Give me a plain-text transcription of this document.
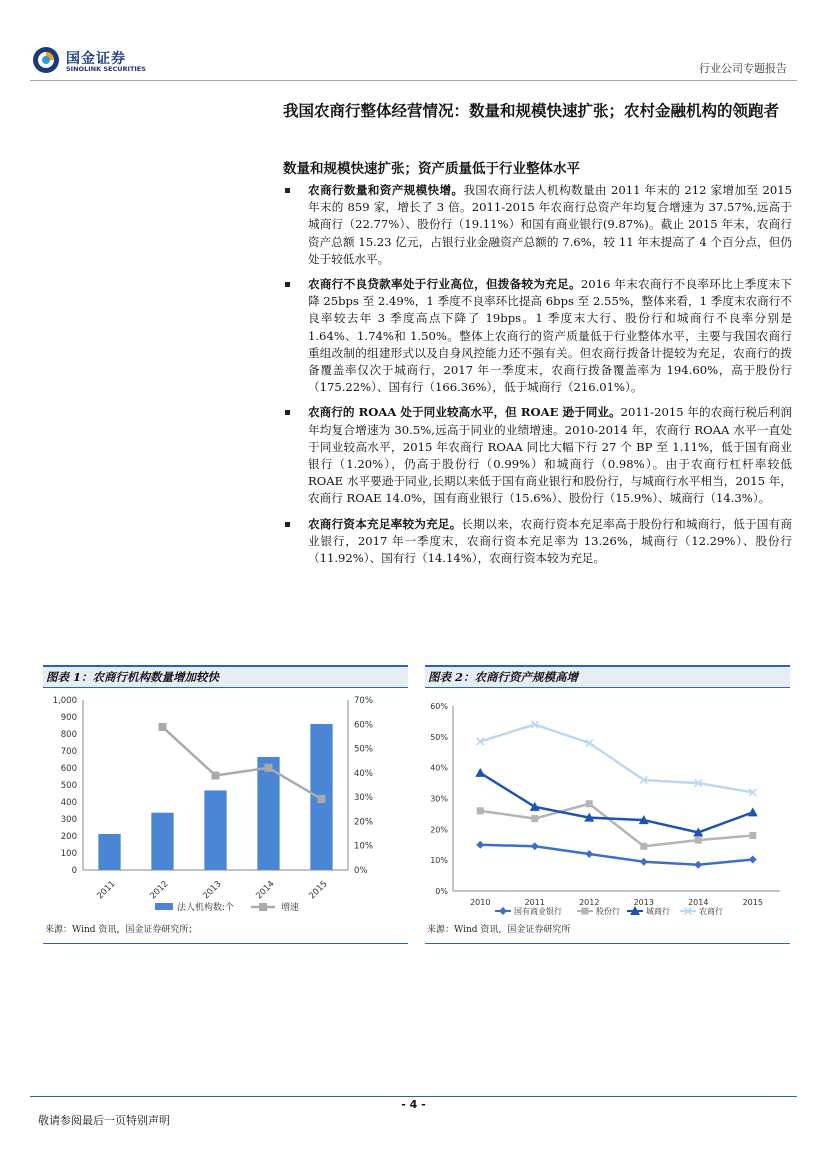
国金证券
SINOLINK SECURITIES	行业公司专题报告
我国农商行整体经营情况：数量和规模快速扩张；农村金融机构的领跑者
数量和规模快速扩张；资产质量低于行业整体水平
农商行数量和资产规模快增。我国农商行法人机构数量由 2011 年末的 212 家增加至 2015 年末的 859 家，增长了 3 倍。2011-2015 年农商行总资产年均复合增速为 37.57%,远高于城商行（22.77%）、股份行（19.11%）和国有商业银行(9.87%)。截止 2015 年末，农商行资产总额 15.23 亿元，占银行业金融资产总额的 7.6%，较 11 年末提高了 4 个百分点，但仍处于较低水平。
农商行不良贷款率处于行业高位，但拨备较为充足。2016 年末农商行不良率环比上季度末下降 25bps 至 2.49%，1 季度不良率环比提高 6bps 至 2.55%，整体来看，1 季度末农商行不良率较去年 3 季度高点下降了 19bps。1 季度末大行、股份行和城商行不良率分别是 1.64%、1.74%和 1.50%。整体上农商行的资产质量低于行业整体水平，主要与我国农商行重组改制的组建形式以及自身风控能力还不强有关。但农商行拨备计提较为充足，农商行的拨备覆盖率仅次于城商行，2017 年一季度末，农商行拨备覆盖率为 194.60%，高于股份行（175.22%）、国有行（166.36%），低于城商行（216.01%）。
农商行的 ROAA 处于同业较高水平，但 ROAE 逊于同业。2011-2015 年的农商行税后利润年均复合增速为 30.5%,远高于同业的业绩增速。2010-2014 年，农商行 ROAA 水平一直处于同业较高水平，2015 年农商行 ROAA 同比大幅下行 27 个 BP 至 1.11%，低于国有商业银行（1.20%），仍高于股份行（0.99%）和城商行（0.98%）。由于农商行杠杆率较低 ROAE 水平要逊于同业,长期以来低于国有商业银行和股份行，与城商行水平相当，2015 年，农商行 ROAE 14.0%，国有商业银行（15.6%）、股份行（15.9%）、城商行（14.3%）。
农商行资本充足率较为充足。长期以来，农商行资本充足率高于股份行和城商行，低于国有商业银行，2017 年一季度末，农商行资本充足率为 13.26%，城商行（12.29%）、股份行（11.92%）、国有行（14.14%），农商行资本较为充足。
图表 1：农商行机构数量增加较快
0
100
200
300
400
500
600
700
800
900
1,000
0%
10%
20%
30%
40%
50%
60%
70%
2011	2012	2013	2014	2015
法人机构数:个	增速
来源：Wind 资讯，国金证券研究所；
图表 2：农商行资产规模高增
0%
10%
20%
30%
40%
50%
60%
2010	2011	2012	2013	2014	2015
国有商业银行	股份行	城商行	农商行
来源：Wind 资讯，国金证券研究所
- 4 -
敬请参阅最后一页特别声明
